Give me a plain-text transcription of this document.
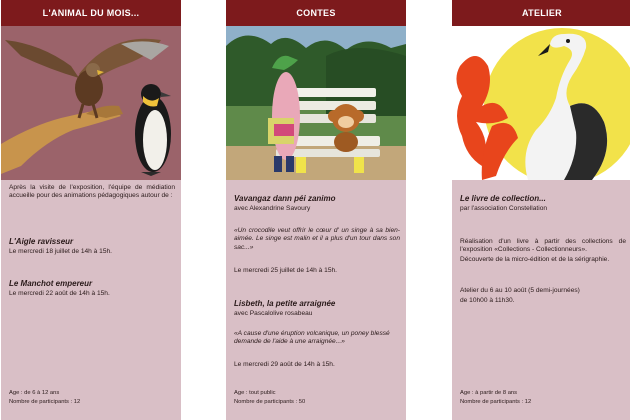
L'ANIMAL DU MOIS...
Après la visite de l'exposition, l'équipe de médiation accueille pour des animations pédagogiques autour de :
L'Aigle ravisseur
Le mercredi 18 juillet de 14h à 15h.
Le Manchot empereur
Le mercredi 22 août de 14h à 15h.
Age : de 6 à 12 ans
Nombre de participants : 12
CONTES
Vavangaz dann péi zanimo
avec Alexandrine Savoury
«Un crocodile veut offrir le cœur d' un singe à sa bien-aimée. Le singe est malin et il a plus d'un tour dans son sac...»
Le mercredi 25 juillet de 14h à 15h.
Lisbeth, la petite arraignée
avec Pascalolive rosabeau
«A cause d'une éruption volcanique, un poney blessé demande de l'aide à une arraignée...»
Le mercredi 29 août de 14h à 15h.
Age : tout public
Nombre de participants : 50
ATELIER
Le livre de collection...
par l'association Constellation
Réalisation d'un livre à partir des collections de l'exposition «Collections - Collectionneurs».
Découverte de la micro-édition et de la sérigraphie.
Atelier du 6 au 10 août (5 demi-journées)
de 10h00 à 11h30.
Age : à partir de 8 ans
Nombre de participants : 12
